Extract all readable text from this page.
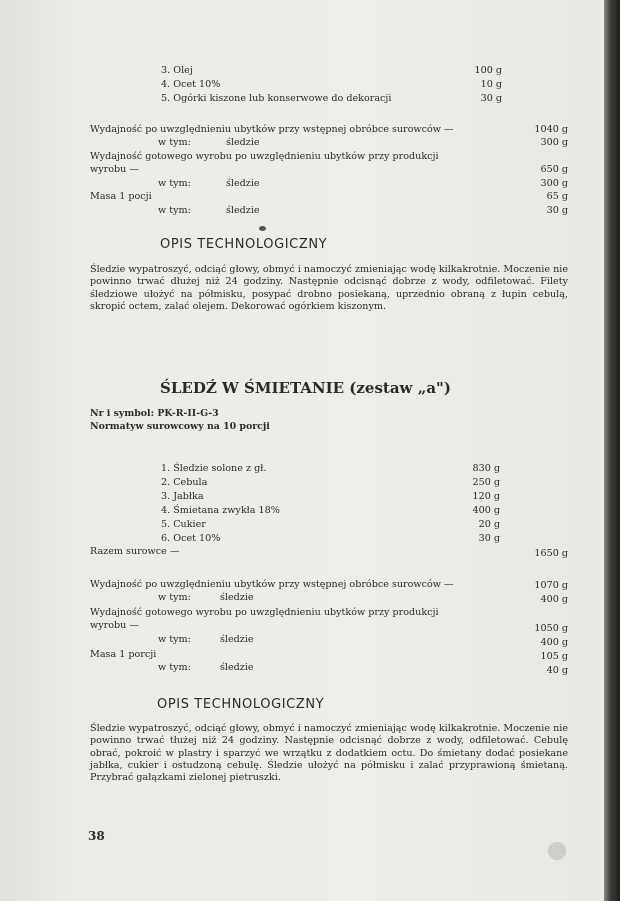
3. Olej	100 g
4. Ocet 10%	10 g
5. Ogórki kiszone lub konserwowe do dekoracji	30 g
Wydajność po uwzględnieniu ubytków przy wstępnej obróbce surowców —	1040 g
w tym:	śledzie	300 g
Wydajność gotowego wyrobu po uwzględnieniu ubytków przy produkcji
wyrobu —	650 g
w tym:	śledzie	300 g
Masa 1 pocji	65 g
w tym:	śledzie	30 g
OPIS TECHNOLOGICZNY
Śledzie wypatroszyć, odciąć głowy, obmyć i namoczyć zmieniając wodę kilkakrotnie. Moczenie nie powinno trwać dłużej niż 24 godziny. Następnie odcisnąć dobrze z wody, odfiletować. Filety śledziowe ułożyć na półmisku, posypać drobno posiekaną, uprzednio obraną z łupin cebulą, skropić octem, zalać olejem. Dekorować ogórkiem kiszonym.
ŚLEDŹ W ŚMIETANIE (zestaw „a")
Nr i symbol: PK-R-II-G-3
Normatyw surowcowy na 10 porcji
1. Śledzie solone z gł.	830 g
2. Cebula	250 g
3. Jabłka	120 g
4. Śmietana zwykła 18%	400 g
5. Cukier	20 g
6. Ocet 10%	30 g
Razem surowce —	1650 g
Wydajność po uwzględnieniu ubytków przy wstępnej obróbce surowców —	1070 g
w tym:	śledzie	400 g
Wydajność gotowego wyrobu po uwzględnieniu ubytków przy produkcji
wyrobu —	1050 g
w tym:	śledzie	400 g
Masa 1 porcji	105 g
w tym:	śledzie	40 g
OPIS TECHNOLOGICZNY
Śledzie wypatroszyć, odciąć głowy, obmyć i namoczyć zmieniając wodę kilkakrotnie. Moczenie nie powinno trwać tłużej niż 24 godziny. Następnie odcisnąć dobrze z wody, odfiletować. Cebulę obrać, pokroić w plastry i sparzyć we wrzątku z dodatkiem octu. Do śmietany dodać posiekane jabłka, cukier i ostudzoną cebulę. Śledzie ułożyć na półmisku i zalać przyprawioną śmietaną. Przybrać gałązkami zielonej pietruszki.
38
